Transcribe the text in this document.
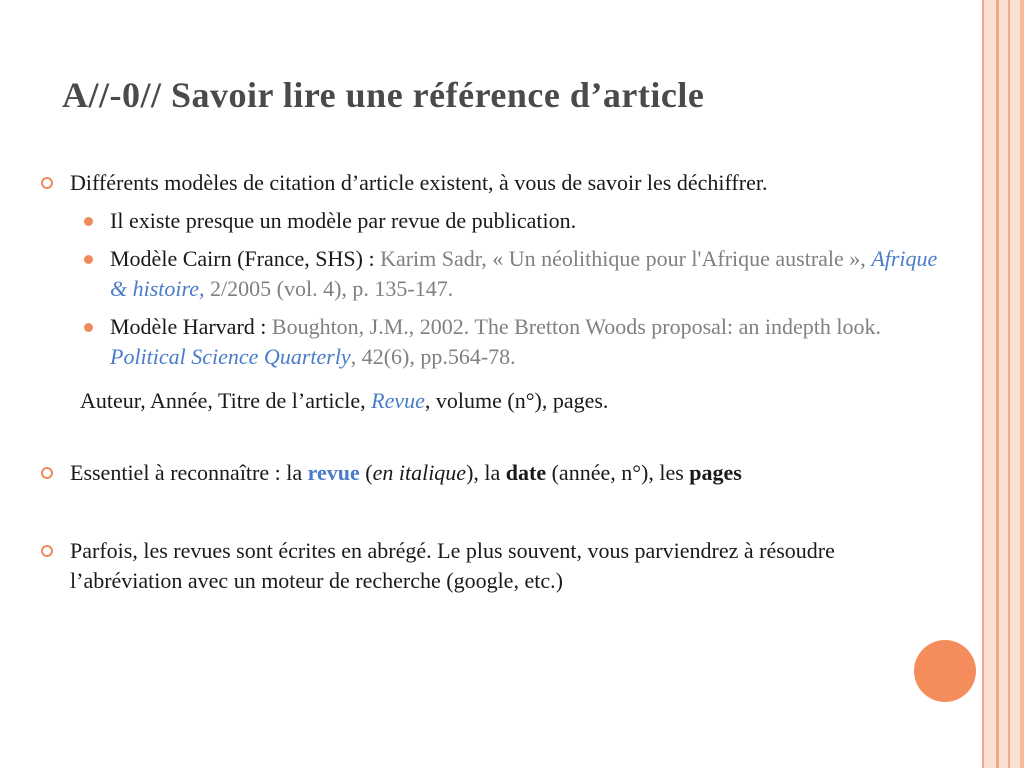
A//-0// Savoir lire une référence d’article
Différents modèles de citation d’article existent, à vous de savoir les déchiffrer.
Il existe presque un modèle par revue de publication.
Modèle Cairn (France, SHS) : Karim Sadr, « Un néolithique pour l'Afrique australe », Afrique & histoire, 2/2005 (vol. 4), p. 135-147.
Modèle Harvard : Boughton, J.M., 2002. The Bretton Woods proposal: an indepth look. Political Science Quarterly, 42(6), pp.564-78.
Auteur, Année, Titre de l’article, Revue, volume (n°), pages.
Essentiel à reconnaître : la revue (en italique), la date (année, n°), les pages
Parfois, les revues sont écrites en abrégé. Le plus souvent, vous parviendrez à résoudre l’abréviation avec un moteur de recherche (google, etc.)
